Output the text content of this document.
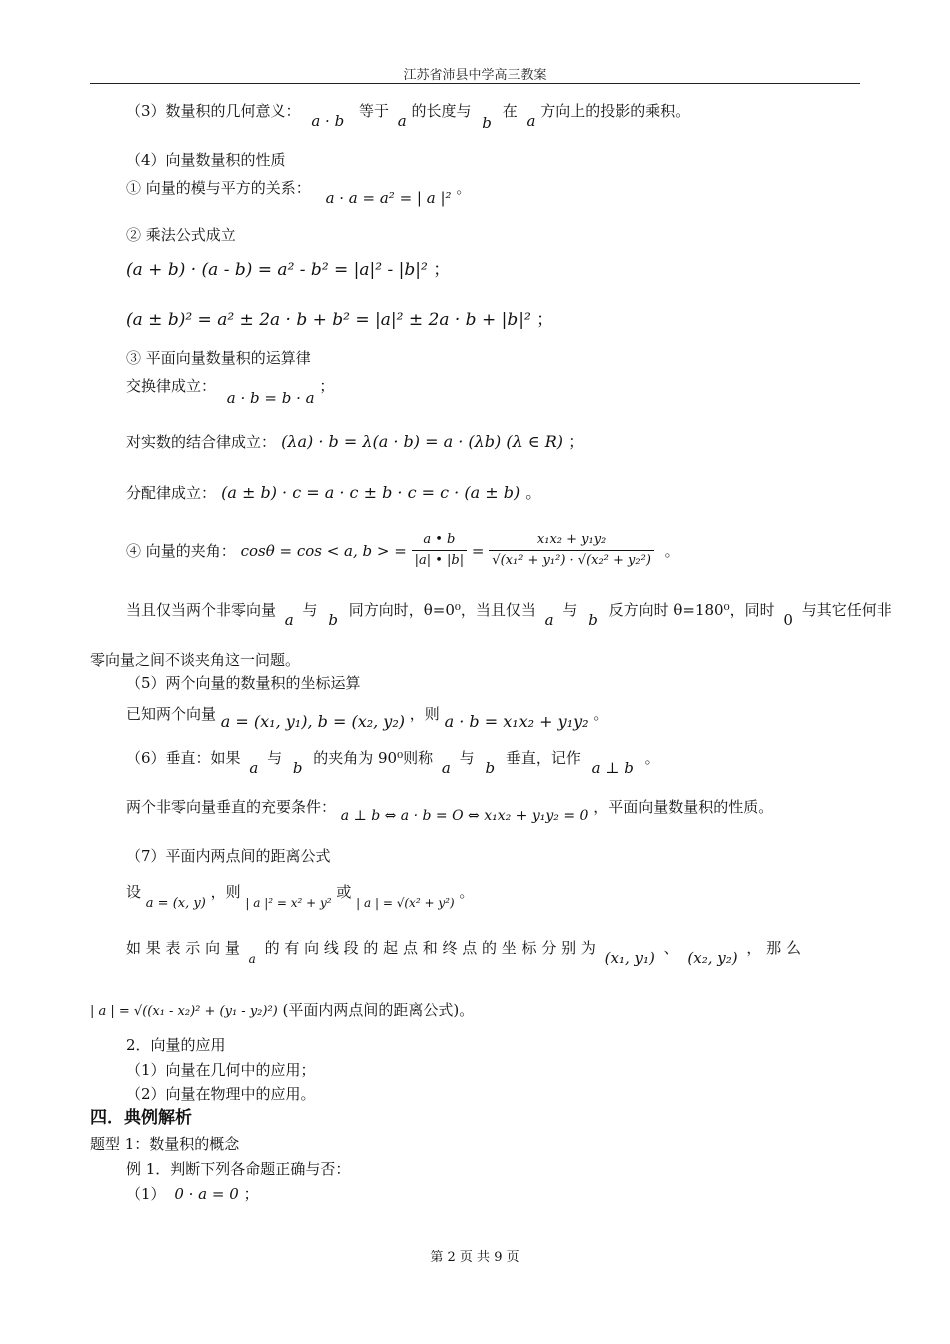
江苏省沛县中学高三教案
（3）数量积的几何意义： a · b 等于 a 的长度与 b 在 a 方向上的投影的乘积。
（4）向量数量积的性质
① 向量的模与平方的关系： a · a = a² = | a |² 。
② 乘法公式成立
(a + b) · (a - b) = a² - b² = |a|² - |b|² ；
(a ± b)² = a² ± 2a · b + b² = |a|² ± 2a · b + |b|² ；
③ 平面向量数量积的运算律
交换律成立： a · b = b · a ；
对实数的结合律成立： (λa) · b = λ(a · b) = a · (λb) (λ ∈ R) ；
分配律成立： (a ± b) · c = a · c ± b · c = c · (a ± b) 。
④ 向量的夹角： cosθ = cos < a, b > = $\frac{a • b}{|a| • |b|} = \frac{\text{x₁x₂ + y₁y₂}}{\text{√(x₁² + y₁²) · √(x₂² + y₂²)}}$ 。
当且仅当两个非零向量 a 与 b 同方向时，θ=0⁰，当且仅当 a 与 b 反方向时 θ=180⁰，同时 0 与其它任何非
零向量之间不谈夹角这一问题。
（5）两个向量的数量积的坐标运算
已知两个向量 a = (x₁, y₁), b = (x₂, y₂) ，则 a · b = x₁x₂ + y₁y₂ 。
（6）垂直：如果 a 与 b 的夹角为 90⁰则称 a 与 b 垂直，记作 a ⊥ b 。
两个非零向量垂直的充要条件： a ⊥ b ⇔ a · b = O ⇔ x₁x₂ + y₁y₂ = 0 ，平面向量数量积的性质。
（7）平面内两点间的距离公式
设 a = (x, y) ，则 $_{| a |^2 = x^2 + y^2}$ 或 $_{| a | = √(x^2 + y^2)}$ 。
如 果 表 示 向 量 $_a$ 的 有 向 线 段 的 起 点 和 终 点 的 坐 标 分 别 为 (x₁, y₁) 、 (x₂, y₂) ， 那 么
| a | = √((x₁ - x₂)² + (y₁ - y₂)²) (平面内两点间的距离公式)。
2．向量的应用
（1）向量在几何中的应用；
（2）向量在物理中的应用。
四．典例解析
题型 1：数量积的概念
例 1．判断下列各命题正确与否：
（1） 0 · a = 0 ；
第 2 页 共 9 页
